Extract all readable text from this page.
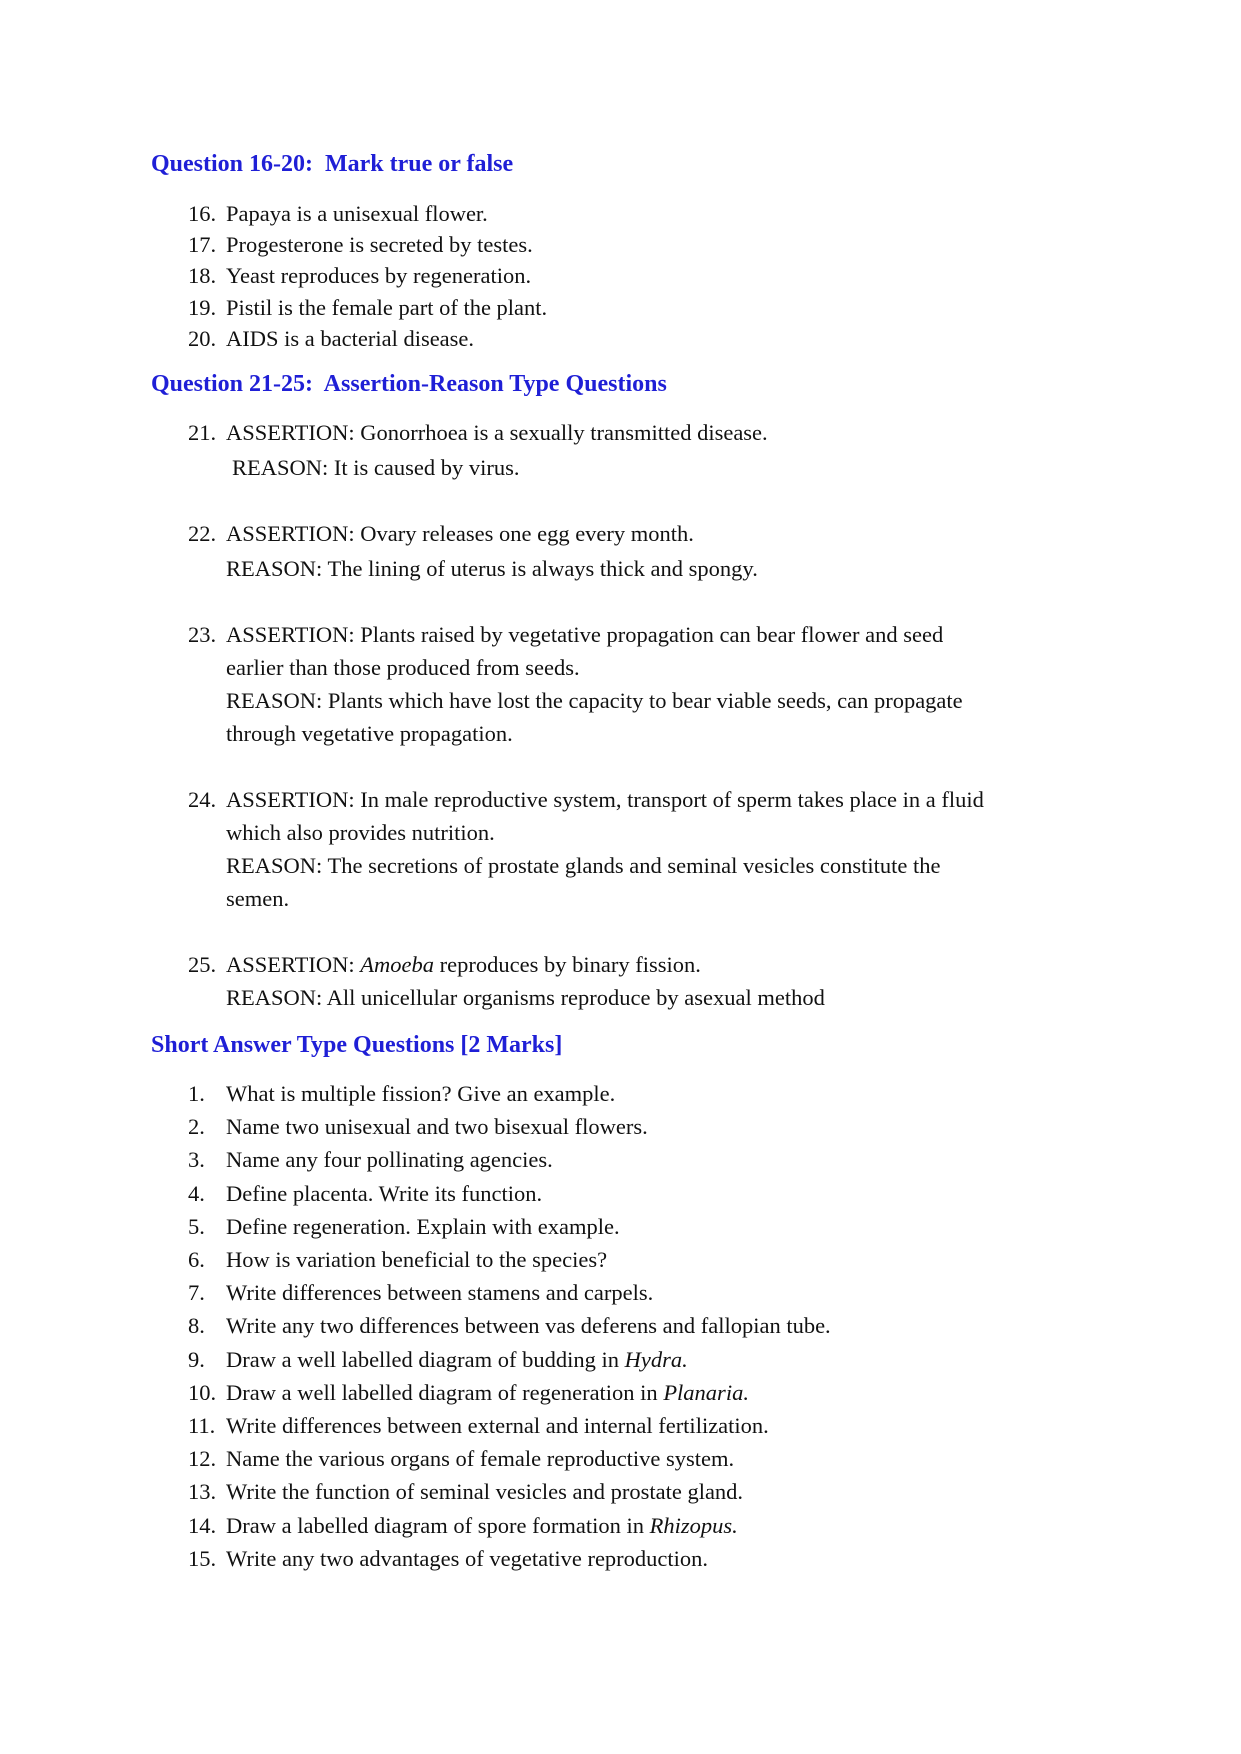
Question 16-20:  Mark true or false
16. Papaya is a unisexual flower.
17. Progesterone is secreted by testes.
18. Yeast reproduces by regeneration.
19. Pistil is the female part of the plant.
20. AIDS is a bacterial disease.
Question 21-25:  Assertion-Reason Type Questions
21. ASSERTION: Gonorrhoea is a sexually transmitted disease.
REASON: It is caused by virus.
22. ASSERTION: Ovary releases one egg every month.
REASON: The lining of uterus is always thick and spongy.
23. ASSERTION: Plants raised by vegetative propagation can bear flower and seed
earlier than those produced from seeds.
REASON: Plants which have lost the capacity to bear viable seeds, can propagate
through vegetative propagation.
24. ASSERTION: In male reproductive system, transport of sperm takes place in a fluid
which also provides nutrition.
REASON: The secretions of prostate glands and seminal vesicles constitute the
semen.
25. ASSERTION: Amoeba reproduces by binary fission.
REASON: All unicellular organisms reproduce by asexual method
Short Answer Type Questions [2 Marks]
1. What is multiple fission? Give an example.
2. Name two unisexual and two bisexual flowers.
3. Name any four pollinating agencies.
4. Define placenta. Write its function.
5. Define regeneration. Explain with example.
6. How is variation beneficial to the species?
7. Write differences between stamens and carpels.
8. Write any two differences between vas deferens and fallopian tube.
9. Draw a well labelled diagram of budding in Hydra.
10. Draw a well labelled diagram of regeneration in Planaria.
11. Write differences between external and internal fertilization.
12. Name the various organs of female reproductive system.
13. Write the function of seminal vesicles and prostate gland.
14. Draw a labelled diagram of spore formation in Rhizopus.
15. Write any two advantages of vegetative reproduction.
